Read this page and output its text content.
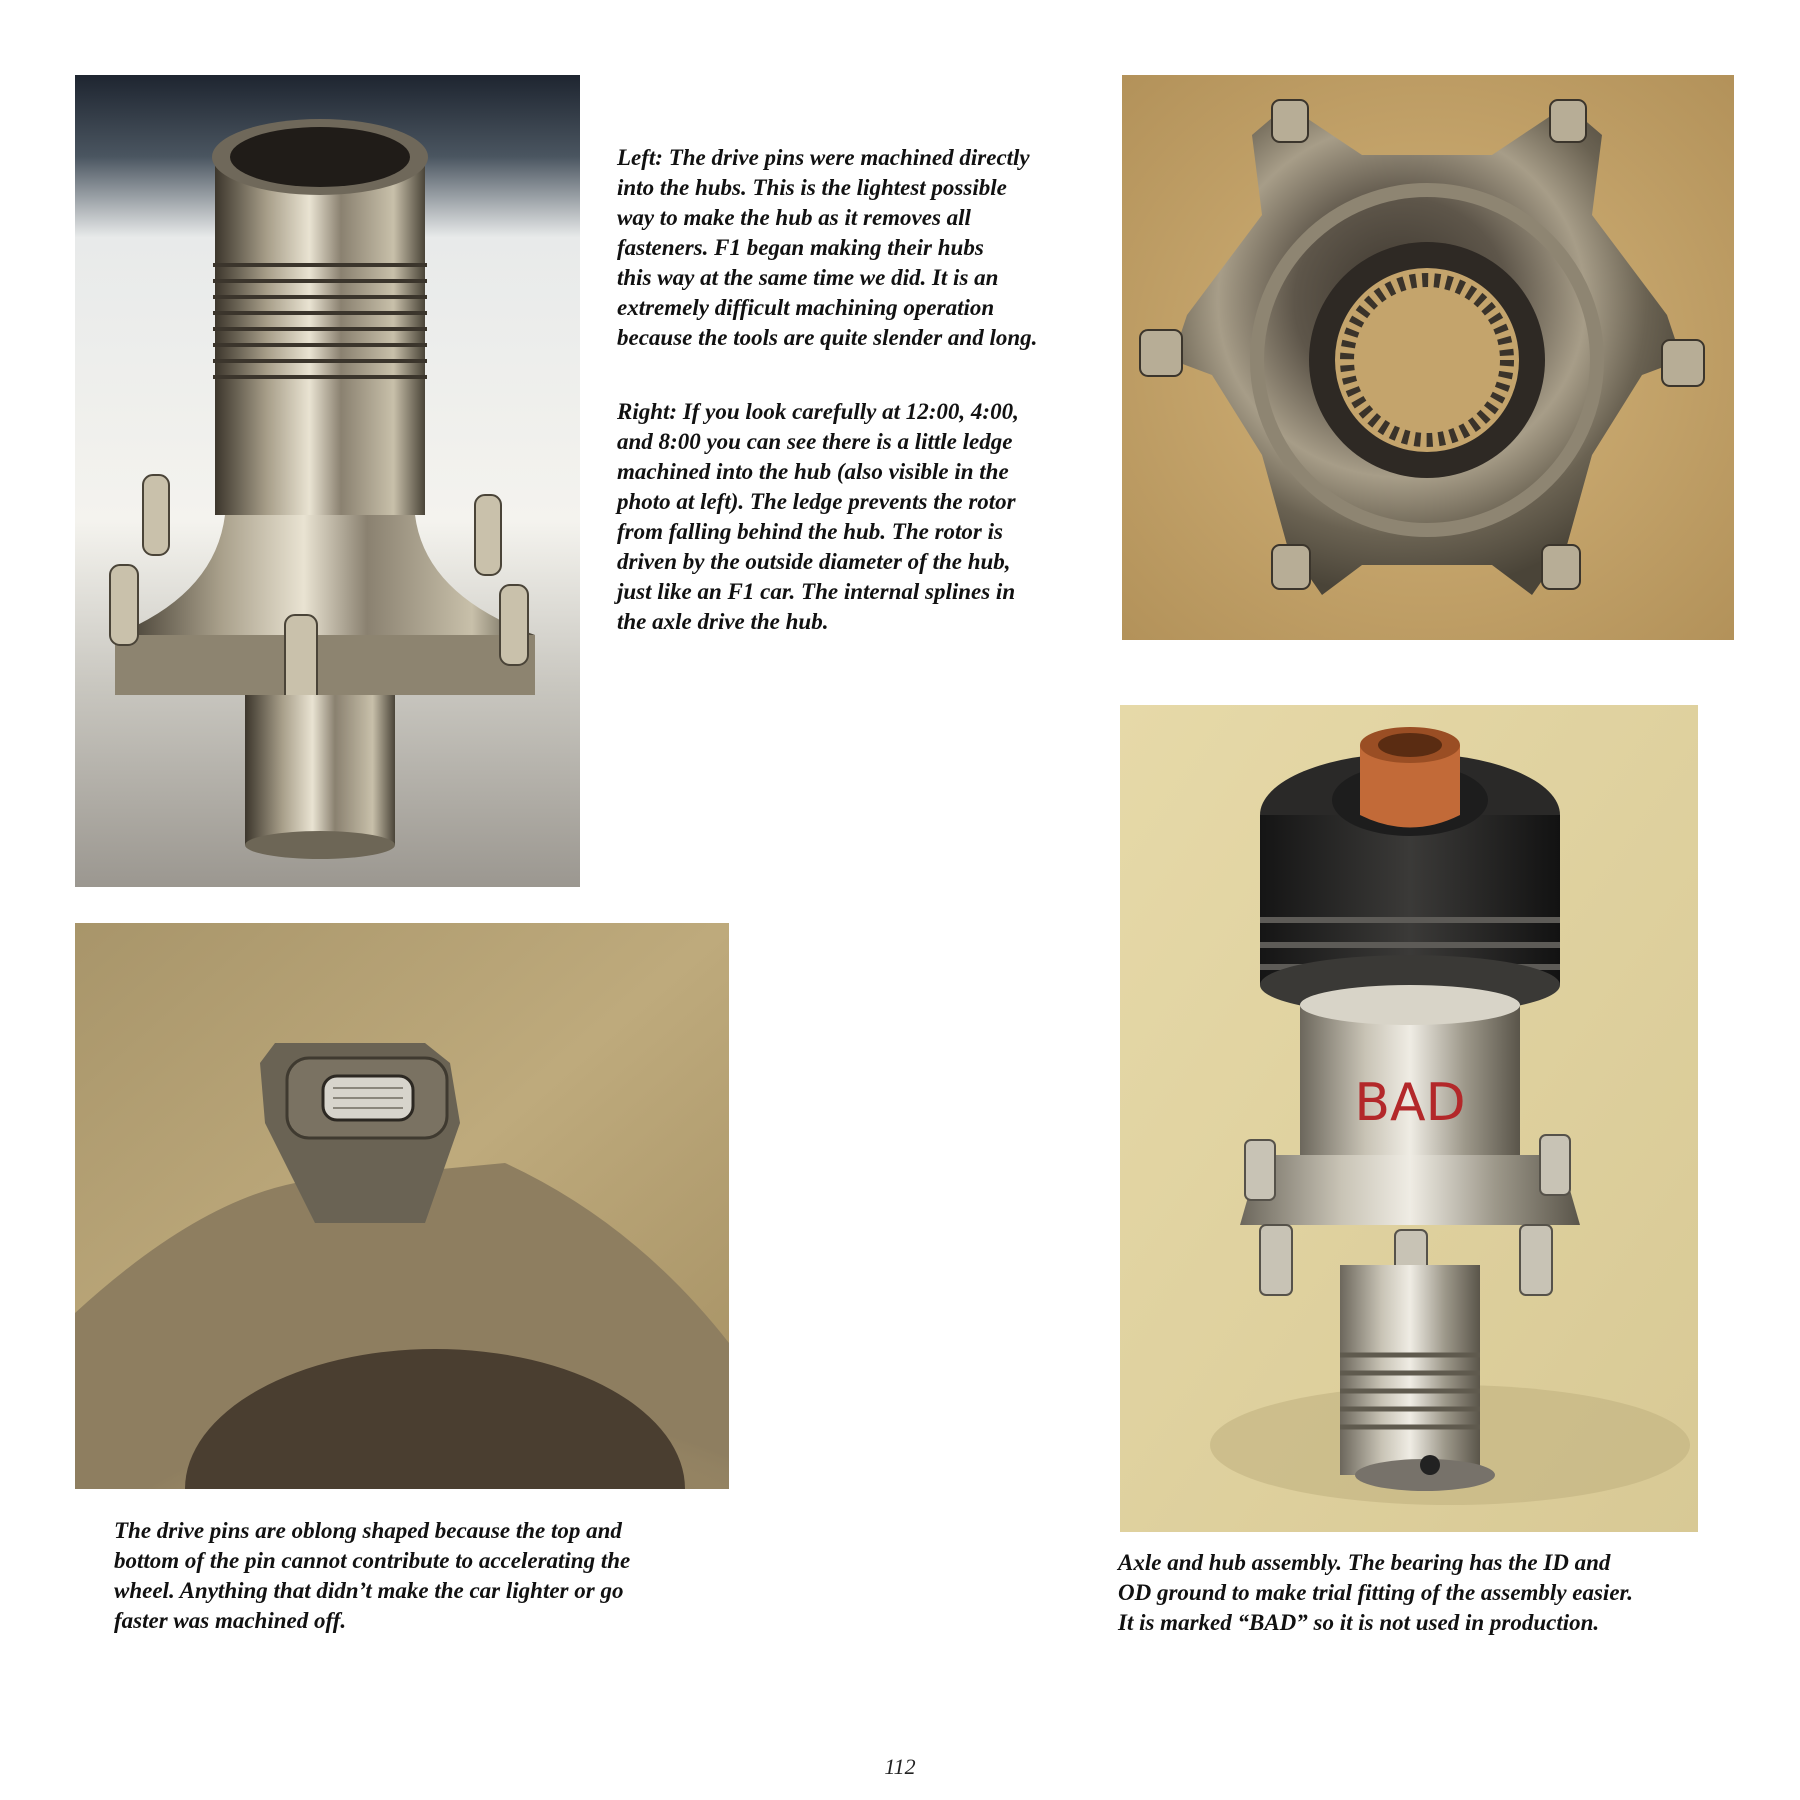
Left: The drive pins were machined directly
into the hubs. This is the lightest possible
way to make the hub as it removes all
fasteners. F1 began making their hubs
this way at the same time we did. It is an
extremely difficult machining operation
because the tools are quite slender and long.

Right: If you look carefully at 12:00, 4:00,
and 8:00 you can see there is a little ledge
machined into the hub (also visible in the
photo at left). The ledge prevents the rotor
from falling behind the hub. The rotor is
driven by the outside diameter of the hub,
just like an F1 car. The internal splines in
the axle drive the hub.

The drive pins are oblong shaped because the top and
bottom of the pin cannot contribute to accelerating the
wheel. Anything that didn’t make the car lighter or go
faster was machined off.
BAD
Axle and hub assembly. The bearing has the ID and
OD ground to make trial fitting of the assembly easier.
It is marked “BAD” so it is not used in production.
112
